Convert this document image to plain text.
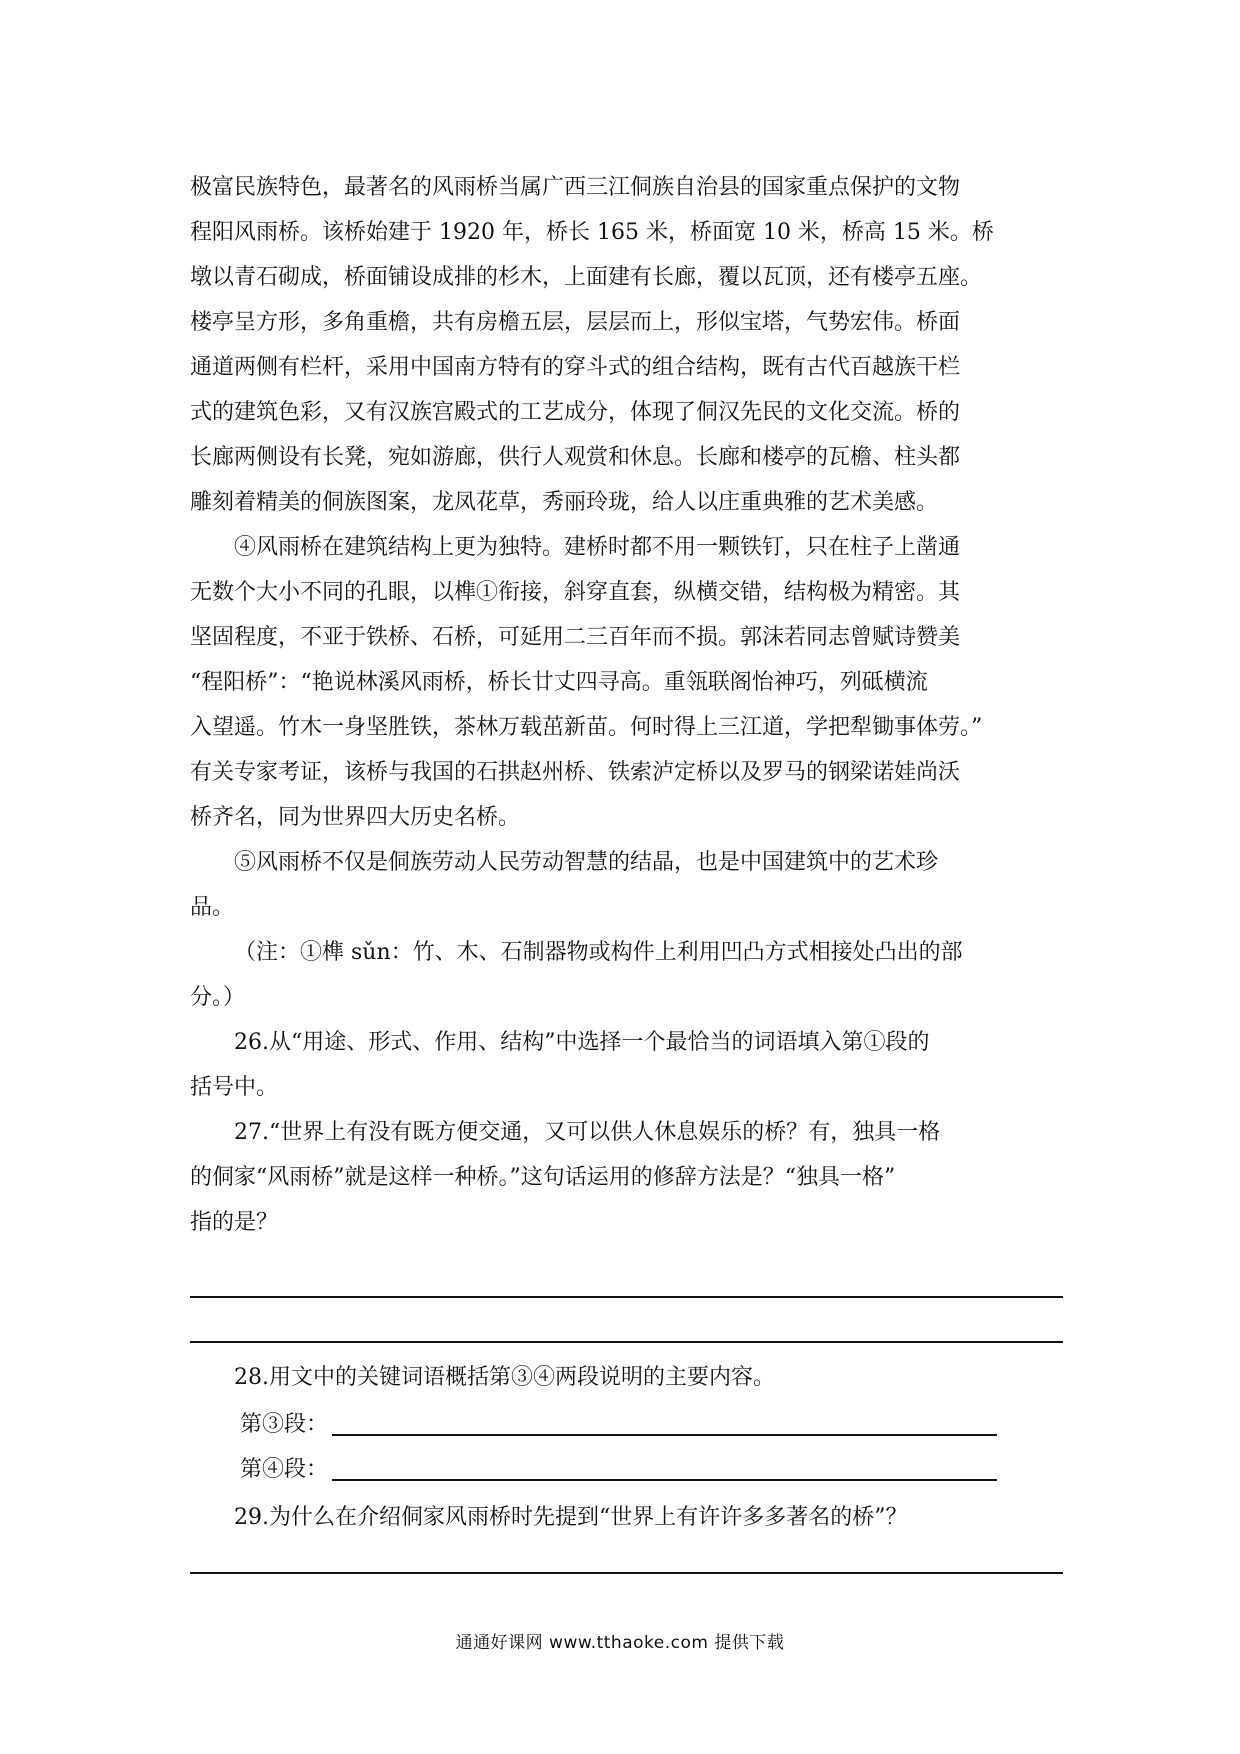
极富民族特色，最著名的风雨桥当属广西三江侗族自治县的国家重点保护的文物
程阳风雨桥。该桥始建于 1920 年，桥长 165 米，桥面宽 10 米，桥高 15 米。桥
墩以青石砌成，桥面铺设成排的杉木，上面建有长廊，覆以瓦顶，还有楼亭五座。
楼亭呈方形，多角重檐，共有房檐五层，层层而上，形似宝塔，气势宏伟。桥面
通道两侧有栏杆，采用中国南方特有的穿斗式的组合结构，既有古代百越族干栏
式的建筑色彩，又有汉族宫殿式的工艺成分，体现了侗汉先民的文化交流。桥的
长廊两侧设有长凳，宛如游廊，供行人观赏和休息。长廊和楼亭的瓦檐、柱头都
雕刻着精美的侗族图案，龙凤花草，秀丽玲珑，给人以庄重典雅的艺术美感。
④风雨桥在建筑结构上更为独特。建桥时都不用一颗铁钉，只在柱子上凿通
无数个大小不同的孔眼，以榫①衔接，斜穿直套，纵横交错，结构极为精密。其
坚固程度，不亚于铁桥、石桥，可延用二三百年而不损。郭沫若同志曾赋诗赞美
“程阳桥”：“艳说林溪风雨桥，桥长廿丈四寻高。重瓴联阁怡神巧，列砥横流
入望遥。竹木一身坚胜铁，茶林万载茁新苗。何时得上三江道，学把犁锄事体劳。”
有关专家考证，该桥与我国的石拱赵州桥、铁索泸定桥以及罗马的钢梁诺娃尚沃
桥齐名，同为世界四大历史名桥。
⑤风雨桥不仅是侗族劳动人民劳动智慧的结晶，也是中国建筑中的艺术珍
品。
（注：①榫 sǔn：竹、木、石制器物或构件上利用凹凸方式相接处凸出的部
分。）
26.从“用途、形式、作用、结构”中选择一个最恰当的词语填入第①段的
括号中。
27.“世界上有没有既方便交通，又可以供人休息娱乐的桥？有，独具一格
的侗家“风雨桥”就是这样一种桥。”这句话运用的修辞方法是？“独具一格”
指的是？
28.用文中的关键词语概括第③④两段说明的主要内容。
第③段：
第④段：
29.为什么在介绍侗家风雨桥时先提到“世界上有许许多多著名的桥”？
通通好课网 www.tthaoke.com 提供下载
